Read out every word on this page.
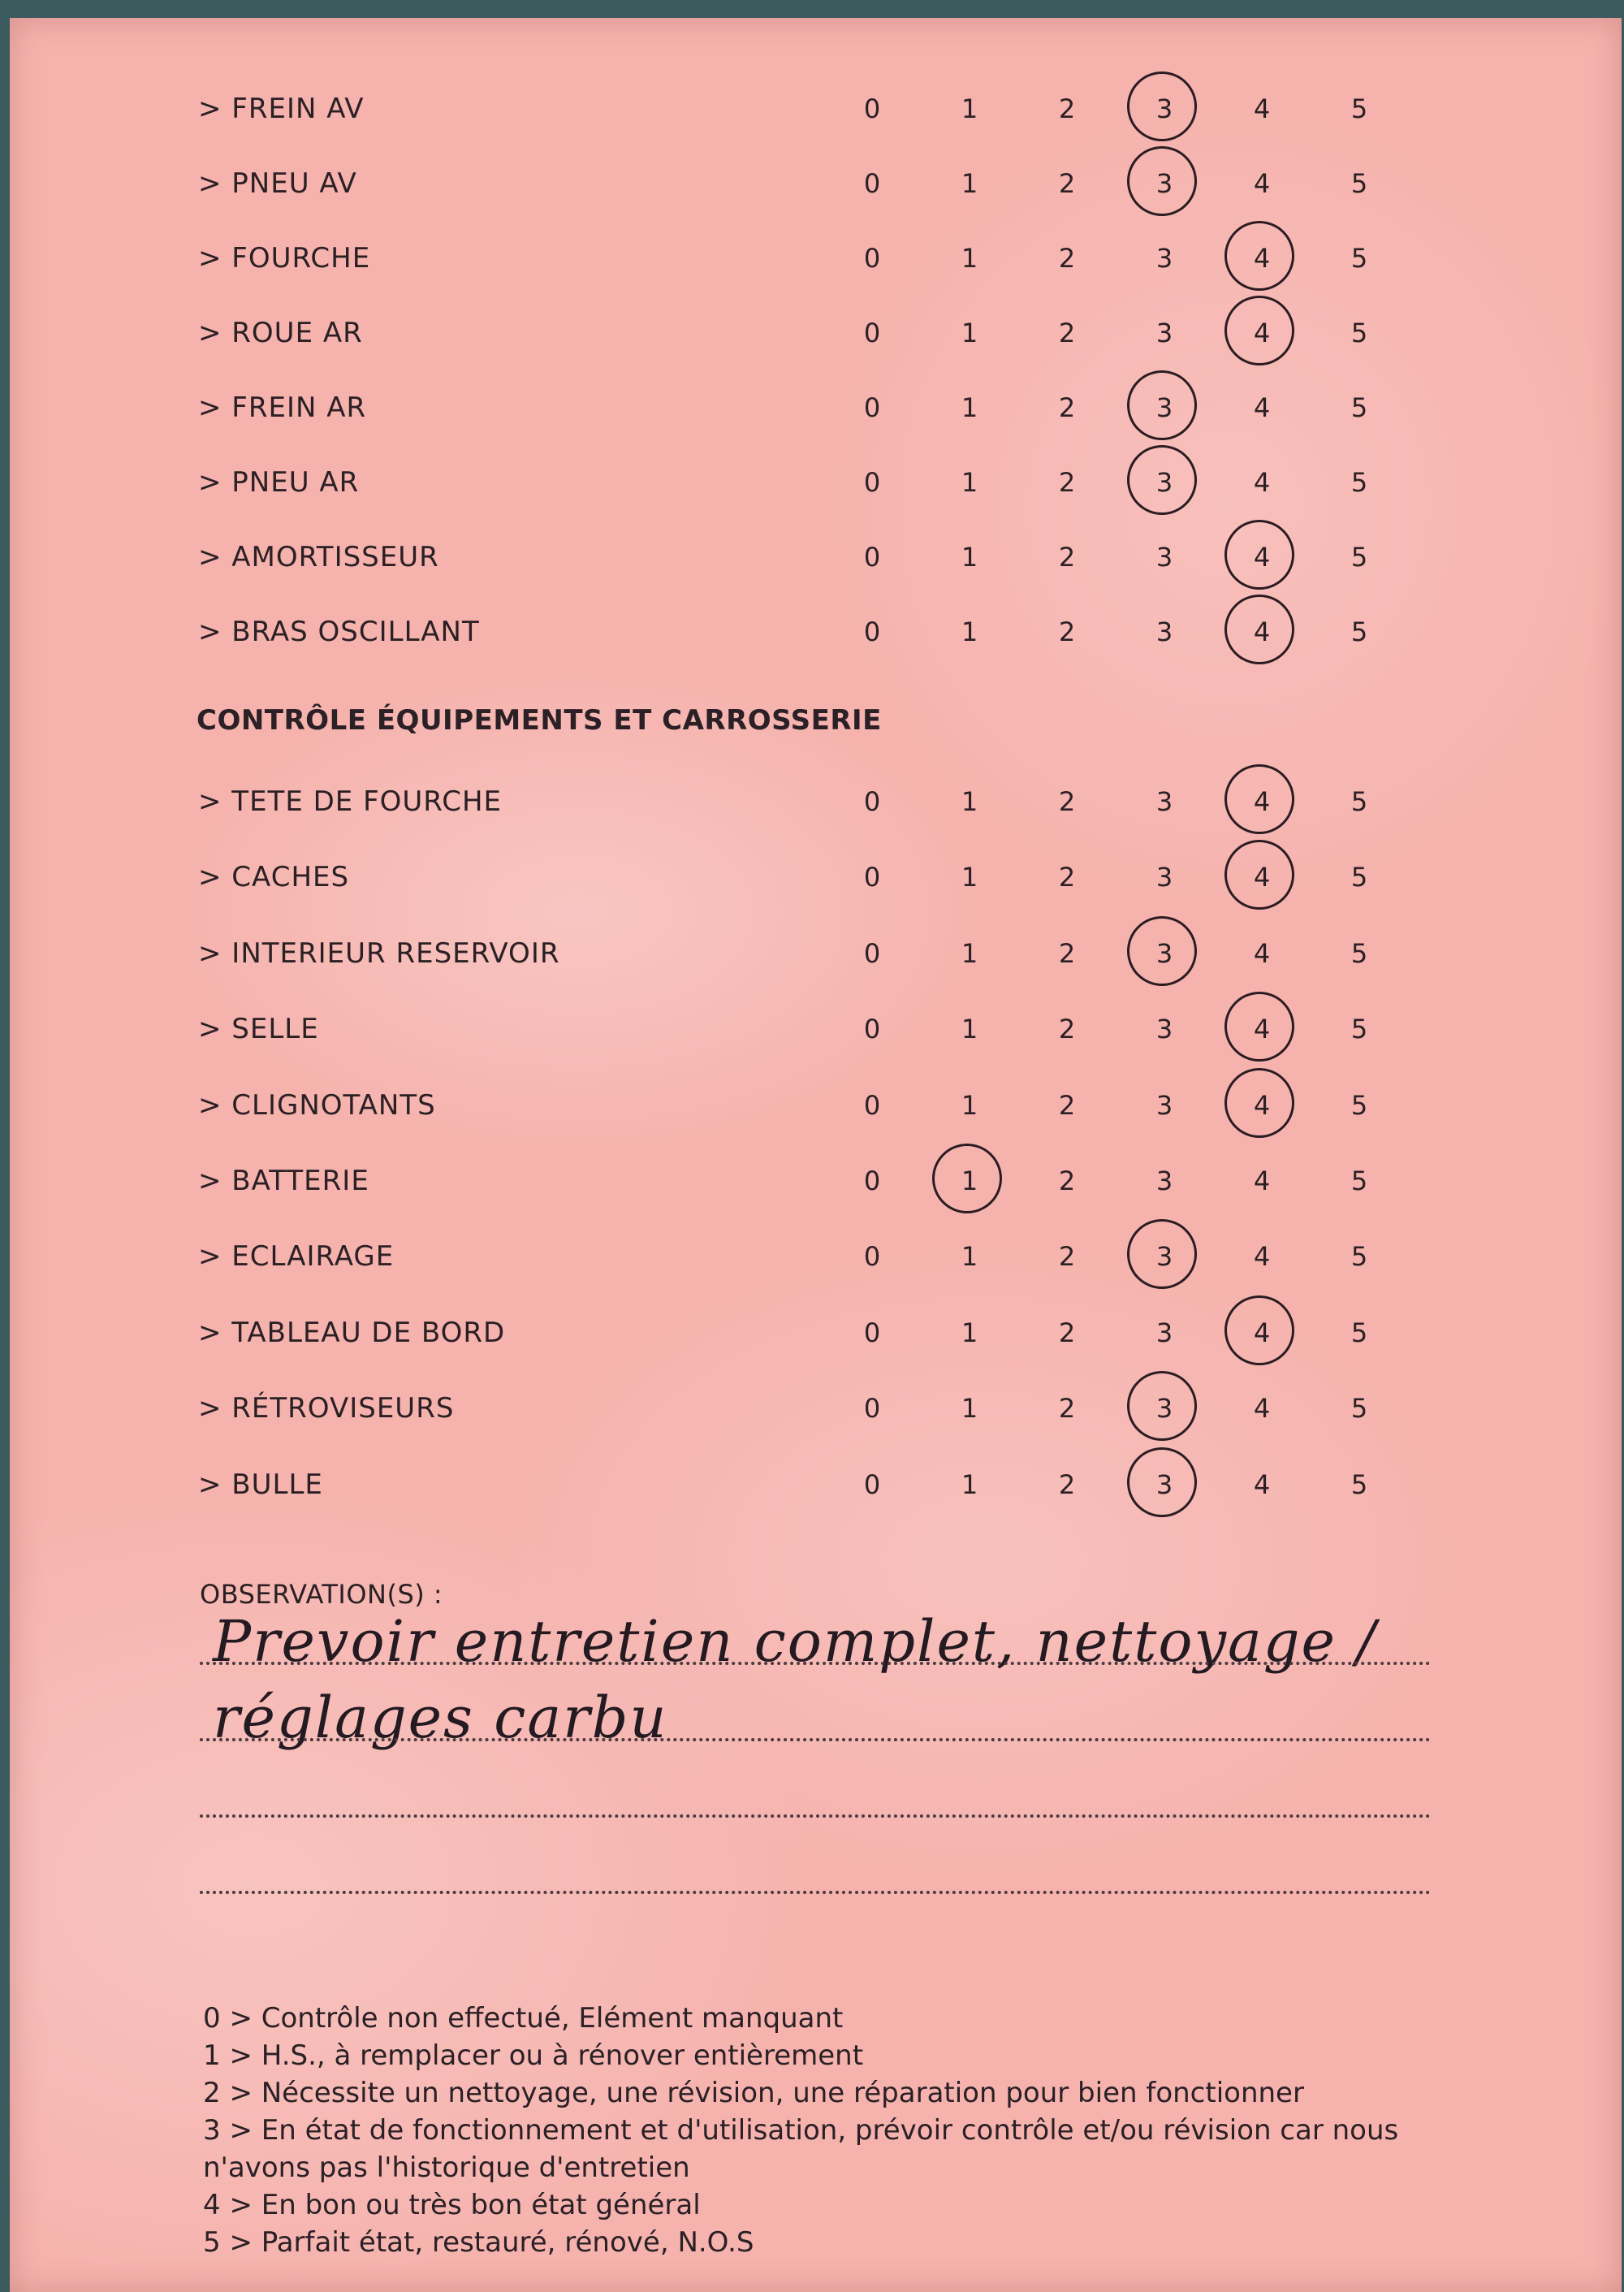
> FREIN AV	0	1	2	3	4	5
> PNEU AV	0	1	2	3	4	5
> FOURCHE	0	1	2	3	4	5
> ROUE AR	0	1	2	3	4	5
> FREIN AR	0	1	2	3	4	5
> PNEU AR	0	1	2	3	4	5
> AMORTISSEUR	0	1	2	3	4	5
> BRAS OSCILLANT	0	1	2	3	4	5
CONTRÔLE ÉQUIPEMENTS ET CARROSSERIE
> TETE DE FOURCHE	0	1	2	3	4	5
> CACHES	0	1	2	3	4	5
> INTERIEUR RESERVOIR	0	1	2	3	4	5
> SELLE	0	1	2	3	4	5
> CLIGNOTANTS	0	1	2	3	4	5
> BATTERIE	0	1	2	3	4	5
> ECLAIRAGE	0	1	2	3	4	5
> TABLEAU DE BORD	0	1	2	3	4	5
> RÉTROVISEURS	0	1	2	3	4	5
> BULLE	0	1	2	3	4	5
OBSERVATION(S) :
Prevoir entretien complet, nettoyage /
réglages carbu
0 > Contrôle non effectué, Elément manquant
1 > H.S., à remplacer ou à rénover entièrement
2 > Nécessite un nettoyage, une révision, une réparation pour bien fonctionner
3 > En état de fonctionnement et d'utilisation, prévoir contrôle et/ou révision car nous
n'avons pas l'historique d'entretien
4 > En bon ou très bon état général
5 > Parfait état, restauré, rénové, N.O.S
